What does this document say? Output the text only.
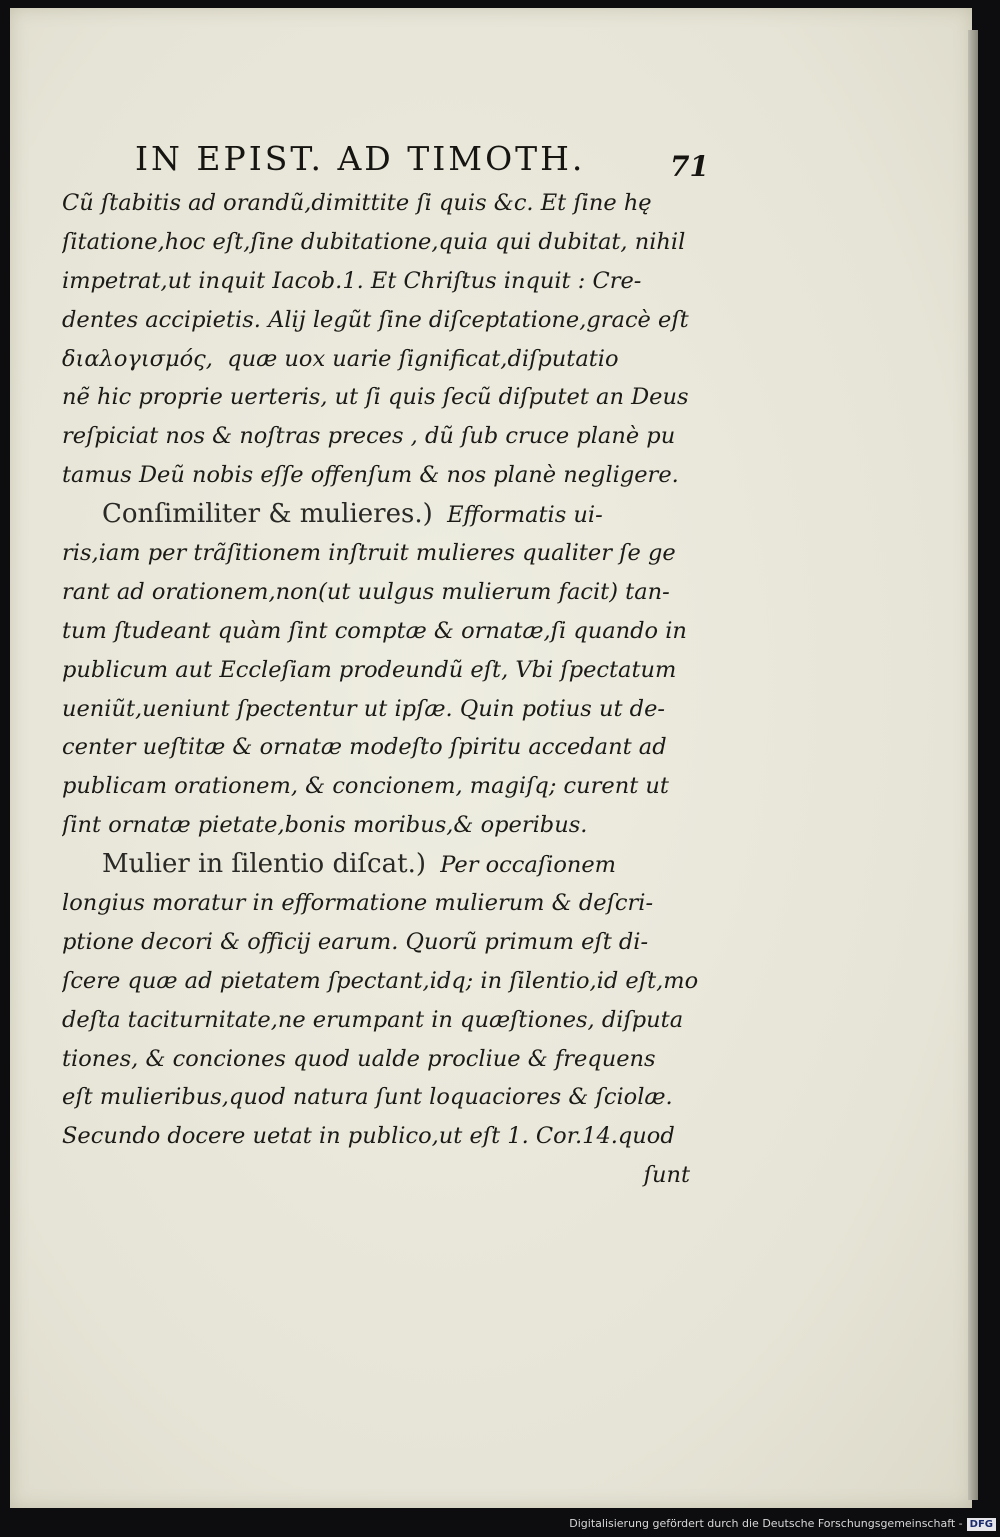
IN EPIST. AD TIMOTH.	71
Cũ ſtabitis ad orandũ,dimittite ſi quis &c. Et ſine hę
ſitatione,hoc eſt,ſine dubitatione,quia qui dubitat, nihil
impetrat,ut inquit Iacob.1. Et Chriſtus inquit : Cre-
dentes accipietis. Alij legũt ſine diſceptatione,gracè eſt
διαλογισμός,  quæ uox uarie ſignificat,diſputatio
nẽ hic proprie uerteris, ut ſi quis ſecũ diſputet an Deus
reſpiciat nos & noſtras preces , dũ ſub cruce planè pu
tamus Deũ nobis eſſe offenſum & nos planè negligere.
Conſimiliter & mulieres.)  Efformatis ui-
ris,iam per trãſitionem inſtruit mulieres qualiter ſe ge
rant ad orationem,non(ut uulgus mulierum facit) tan-
tum ſtudeant quàm ſint comptæ & ornatæ,ſi quando in
publicum aut Eccleſiam prodeundũ eſt, Vbi ſpectatum
ueniũt,ueniunt ſpectentur ut ipſæ. Quin potius ut de-
center ueſtitæ & ornatæ modeſto ſpiritu accedant ad
publicam orationem, & concionem, magiſq; curent ut
ſint ornatæ pietate,bonis moribus,& operibus.
Mulier in ſilentio diſcat.)  Per occaſionem
longius moratur in efformatione mulierum & deſcri-
ptione decori & officij earum. Quorũ primum eſt di-
ſcere quæ ad pietatem ſpectant,idq; in ſilentio,id eſt,mo
deſta taciturnitate,ne erumpant in quæſtiones, diſputa
tiones, & conciones quod ualde procliue & frequens
eſt mulieribus,quod natura ſunt loquaciores & ſciolæ.
Secundo docere uetat in publico,ut eſt 1. Cor.14.quod
ſunt
Digitalisierung gefördert durch die Deutsche Forschungsgemeinschaft - DFG
